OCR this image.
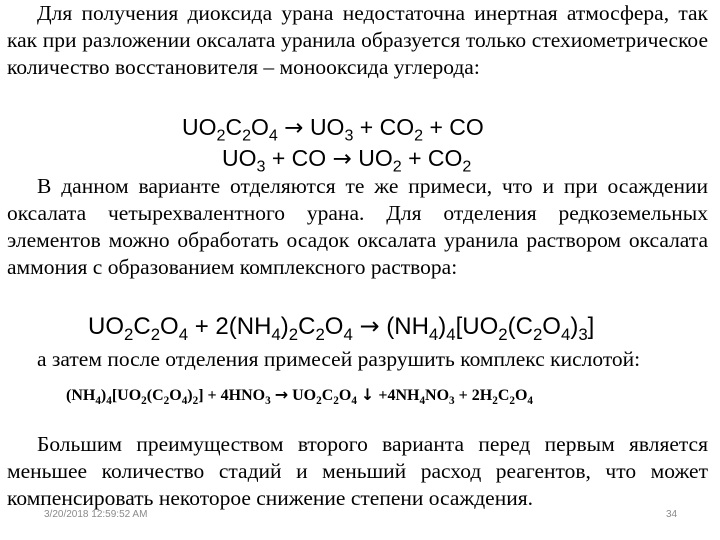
Для получения диоксида урана недостаточна инертная атмосфера, так как при разложении оксалата уранила образуется только стехиометрическое количество восстановителя – монооксида углерода:
$UO_2C_2O_4 \to UO_3 + CO_2$ + CO
$UO_3$ + CO → $UO_2 + CO_2$
В данном варианте отделяются те же примеси, что и при осаждении оксалата четырехвалентного урана. Для отделения редкоземельных элементов можно обработать осадок оксалата уранила раствором оксалата аммония с образованием комплексного раствора:
$UO_2C_2O_4 + 2(NH_4)_2C_2O_4 \to (NH_4)_4[UO_2(C_2O_4)_3]$
а затем после отделения примесей разрушить комплекс кислотой:
$(NH_4)_4[UO_2(C_2O_4)_2] + 4HNO_3 \to UO_2C_2O_4$ ↓ $+4NH_4NO_3 + 2H_2C_2O_4$
Большим преимуществом второго варианта перед первым является меньшее количество стадий и меньший расход реагентов, что может компенсировать некоторое снижение степени осаждения.
3/20/2018 12:59:52 AM	34
